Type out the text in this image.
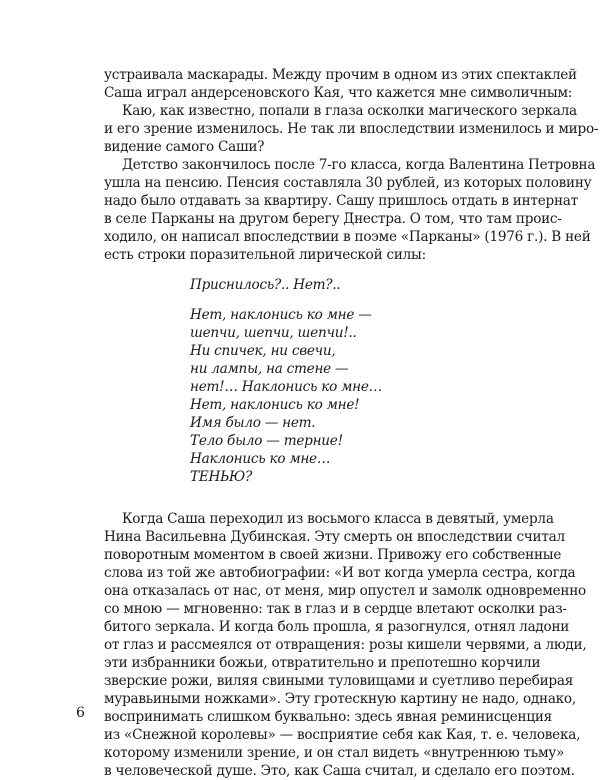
устраивала маскарады. Между прочим в одном из этих спектаклей
Саша играл андерсеновского Кая, что кажется мне символичным:
Каю, как известно, попали в глаза осколки магического зеркала
и его зрение изменилось. Не так ли впоследствии изменилось и миро-
видение самого Саши?
Детство закончилось после 7-го класса, когда Валентина Петровна
ушла на пенсию. Пенсия составляла 30 рублей, из которых половину
надо было отдавать за квартиру. Сашу пришлось отдать в интернат
в селе Парканы на другом берегу Днестра. О том, что там проис-
ходило, он написал впоследствии в поэме «Парканы» (1976 г.). В ней
есть строки поразительной лирической силы:
Приснилось?.. Нет?..
Нет, наклонись ко мне —
шепчи, шепчи, шепчи!..
Ни спичек, ни свечи,
ни лампы, на стене —
нет!… Наклонись ко мне…
Нет, наклонись ко мне!
Имя было — нет.
Тело было — терние!
Наклонись ко мне…
ТЕНЬЮ?
Когда Саша переходил из восьмого класса в девятый, умерла
Нина Васильевна Дубинская. Эту смерть он впоследствии считал
поворотным моментом в своей жизни. Привожу его собственные
слова из той же автобиографии: «И вот когда умерла сестра, когда
она отказалась от нас, от меня, мир опустел и замолк одновременно
со мною — мгновенно: так в глаз и в сердце влетают осколки раз-
битого зеркала. И когда боль прошла, я разогнулся, отнял ладони
от глаз и рассмеялся от отвращения: розы кишели червями, а люди,
эти избранники божьи, отвратительно и препотешно корчили
зверские рожи, виляя свиными туловищами и суетливо перебирая
муравьиными ножками». Эту гротескную картину не надо, однако,
воспринимать слишком буквально: здесь явная реминисценция
из «Снежной королевы» — восприятие себя как Кая, т. е. человека,
которому изменили зрение, и он стал видеть «внутреннюю тьму»
в человеческой душе. Это, как Саша считал, и сделало его поэтом.
6
